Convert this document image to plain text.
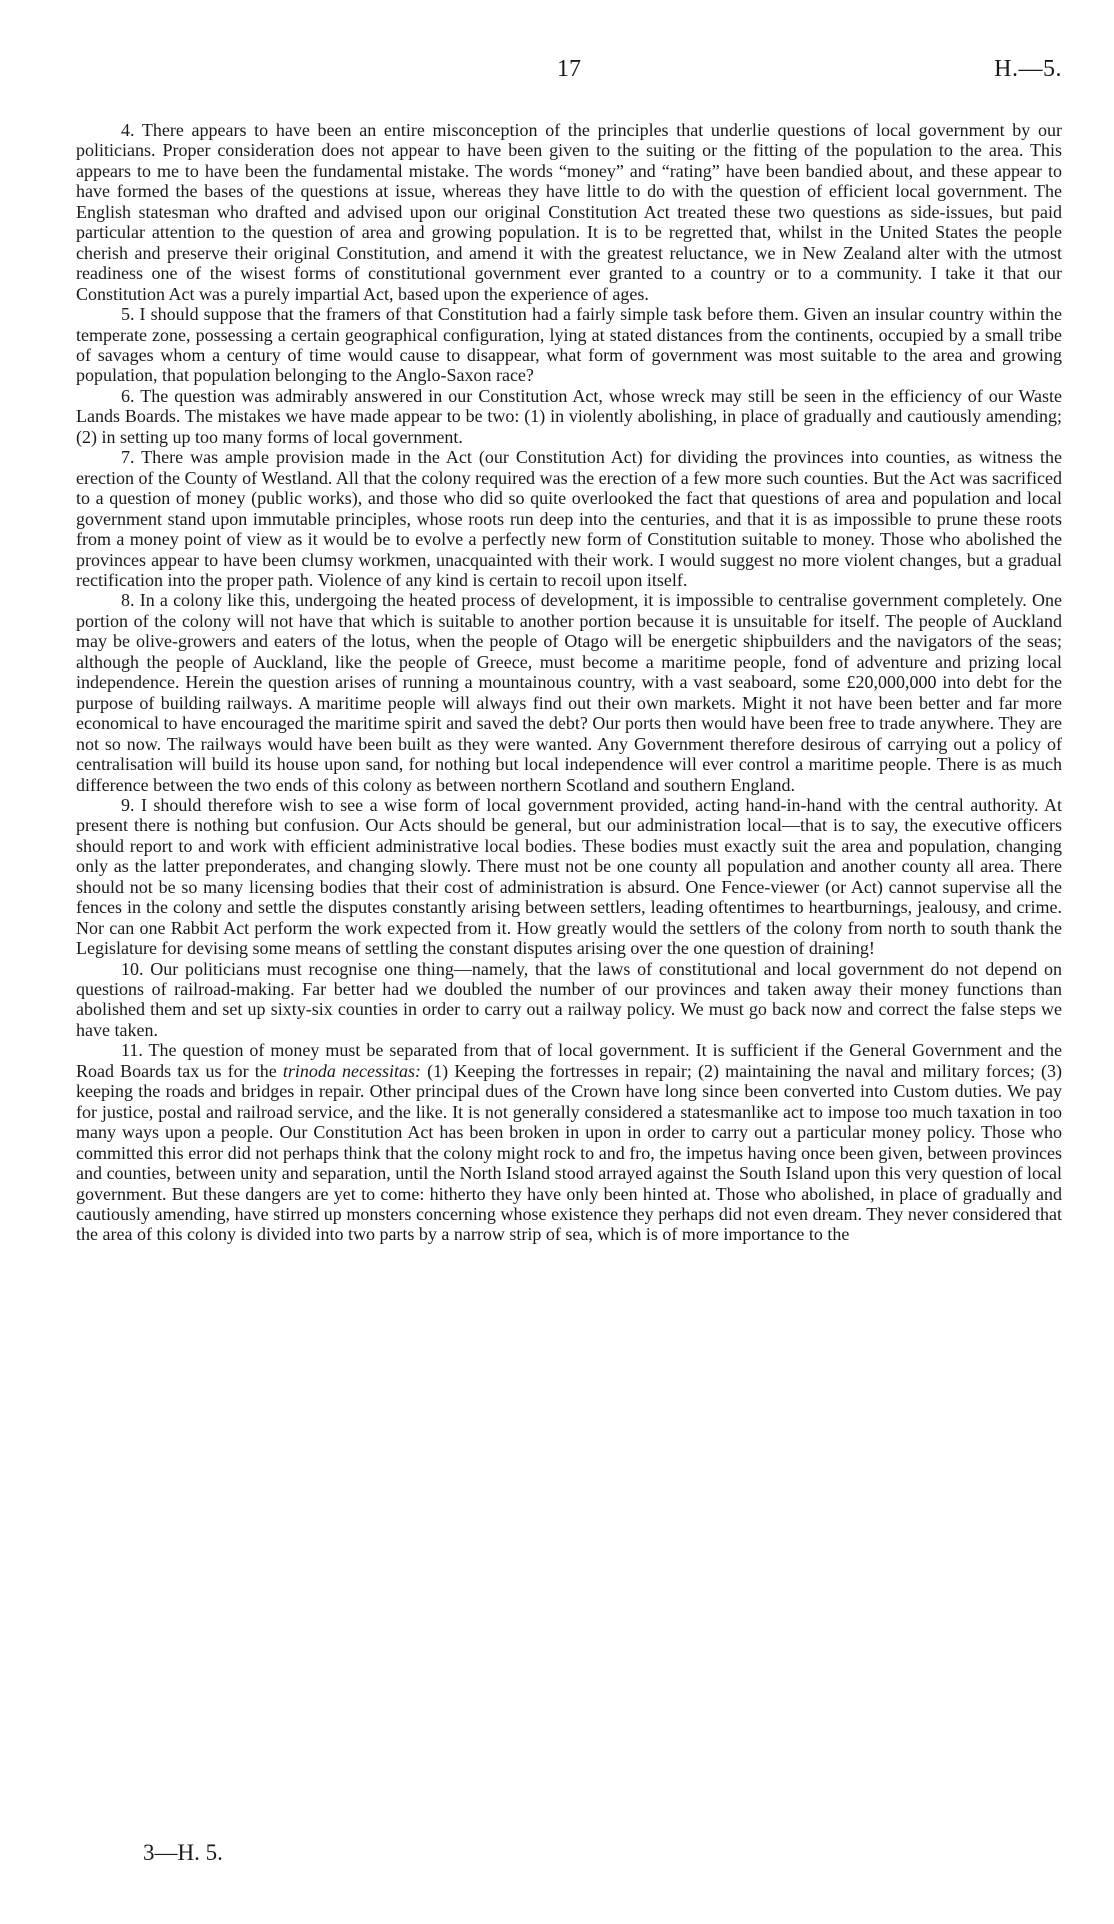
17	H.—5.

4. There appears to have been an entire misconception of the principles that underlie questions of local government by our politicians. Proper consideration does not appear to have been given to the suiting or the fitting of the population to the area. This appears to me to have been the fundamental mistake. The words “money” and “rating” have been bandied about, and these appear to have formed the bases of the questions at issue, whereas they have little to do with the question of efficient local government. The English statesman who drafted and advised upon our original Constitution Act treated these two questions as side-issues, but paid particular attention to the question of area and growing population. It is to be regretted that, whilst in the United States the people cherish and preserve their original Constitution, and amend it with the greatest reluctance, we in New Zealand alter with the utmost readiness one of the wisest forms of constitutional government ever granted to a country or to a community. I take it that our Constitution Act was a purely impartial Act, based upon the experience of ages.

5. I should suppose that the framers of that Constitution had a fairly simple task before them. Given an insular country within the temperate zone, possessing a certain geographical configuration, lying at stated distances from the continents, occupied by a small tribe of savages whom a century of time would cause to disappear, what form of government was most suitable to the area and growing population, that population belonging to the Anglo-Saxon race?

6. The question was admirably answered in our Constitution Act, whose wreck may still be seen in the efficiency of our Waste Lands Boards. The mistakes we have made appear to be two: (1) in violently abolishing, in place of gradually and cautiously amending; (2) in setting up too many forms of local government.

7. There was ample provision made in the Act (our Constitution Act) for dividing the provinces into counties, as witness the erection of the County of Westland. All that the colony required was the erection of a few more such counties. But the Act was sacrificed to a question of money (public works), and those who did so quite overlooked the fact that questions of area and population and local government stand upon immutable principles, whose roots run deep into the centuries, and that it is as impossible to prune these roots from a money point of view as it would be to evolve a perfectly new form of Constitution suitable to money. Those who abolished the provinces appear to have been clumsy workmen, unacquainted with their work. I would suggest no more violent changes, but a gradual rectification into the proper path. Violence of any kind is certain to recoil upon itself.

8. In a colony like this, undergoing the heated process of development, it is impossible to centralise government completely. One portion of the colony will not have that which is suitable to another portion because it is unsuitable for itself. The people of Auckland may be olive-growers and eaters of the lotus, when the people of Otago will be energetic shipbuilders and the navigators of the seas; although the people of Auckland, like the people of Greece, must become a maritime people, fond of adventure and prizing local independence. Herein the question arises of running a mountainous country, with a vast seaboard, some £20,000,000 into debt for the purpose of building railways. A maritime people will always find out their own markets. Might it not have been better and far more economical to have encouraged the maritime spirit and saved the debt? Our ports then would have been free to trade anywhere. They are not so now. The railways would have been built as they were wanted. Any Government therefore desirous of carrying out a policy of centralisation will build its house upon sand, for nothing but local independence will ever control a maritime people. There is as much difference between the two ends of this colony as between northern Scotland and southern England.

9. I should therefore wish to see a wise form of local government provided, acting hand-in-hand with the central authority. At present there is nothing but confusion. Our Acts should be general, but our administration local—that is to say, the executive officers should report to and work with efficient administrative local bodies. These bodies must exactly suit the area and population, changing only as the latter preponderates, and changing slowly. There must not be one county all population and another county all area. There should not be so many licensing bodies that their cost of administration is absurd. One Fence-viewer (or Act) cannot supervise all the fences in the colony and settle the disputes constantly arising between settlers, leading oftentimes to heartburnings, jealousy, and crime. Nor can one Rabbit Act perform the work expected from it. How greatly would the settlers of the colony from north to south thank the Legislature for devising some means of settling the constant disputes arising over the one question of draining!

10. Our politicians must recognise one thing—namely, that the laws of constitutional and local government do not depend on questions of railroad-making. Far better had we doubled the number of our provinces and taken away their money functions than abolished them and set up sixty-six counties in order to carry out a railway policy. We must go back now and correct the false steps we have taken.

11. The question of money must be separated from that of local government. It is sufficient if the General Government and the Road Boards tax us for the trinoda necessitas: (1) Keeping the fortresses in repair; (2) maintaining the naval and military forces; (3) keeping the roads and bridges in repair. Other principal dues of the Crown have long since been converted into Custom duties. We pay for justice, postal and railroad service, and the like. It is not generally considered a statesmanlike act to impose too much taxation in too many ways upon a people. Our Constitution Act has been broken in upon in order to carry out a particular money policy. Those who committed this error did not perhaps think that the colony might rock to and fro, the impetus having once been given, between provinces and counties, between unity and separation, until the North Island stood arrayed against the South Island upon this very question of local government. But these dangers are yet to come: hitherto they have only been hinted at. Those who abolished, in place of gradually and cautiously amending, have stirred up monsters concerning whose existence they perhaps did not even dream. They never considered that the area of this colony is divided into two parts by a narrow strip of sea, which is of more importance to the

3—H. 5.
